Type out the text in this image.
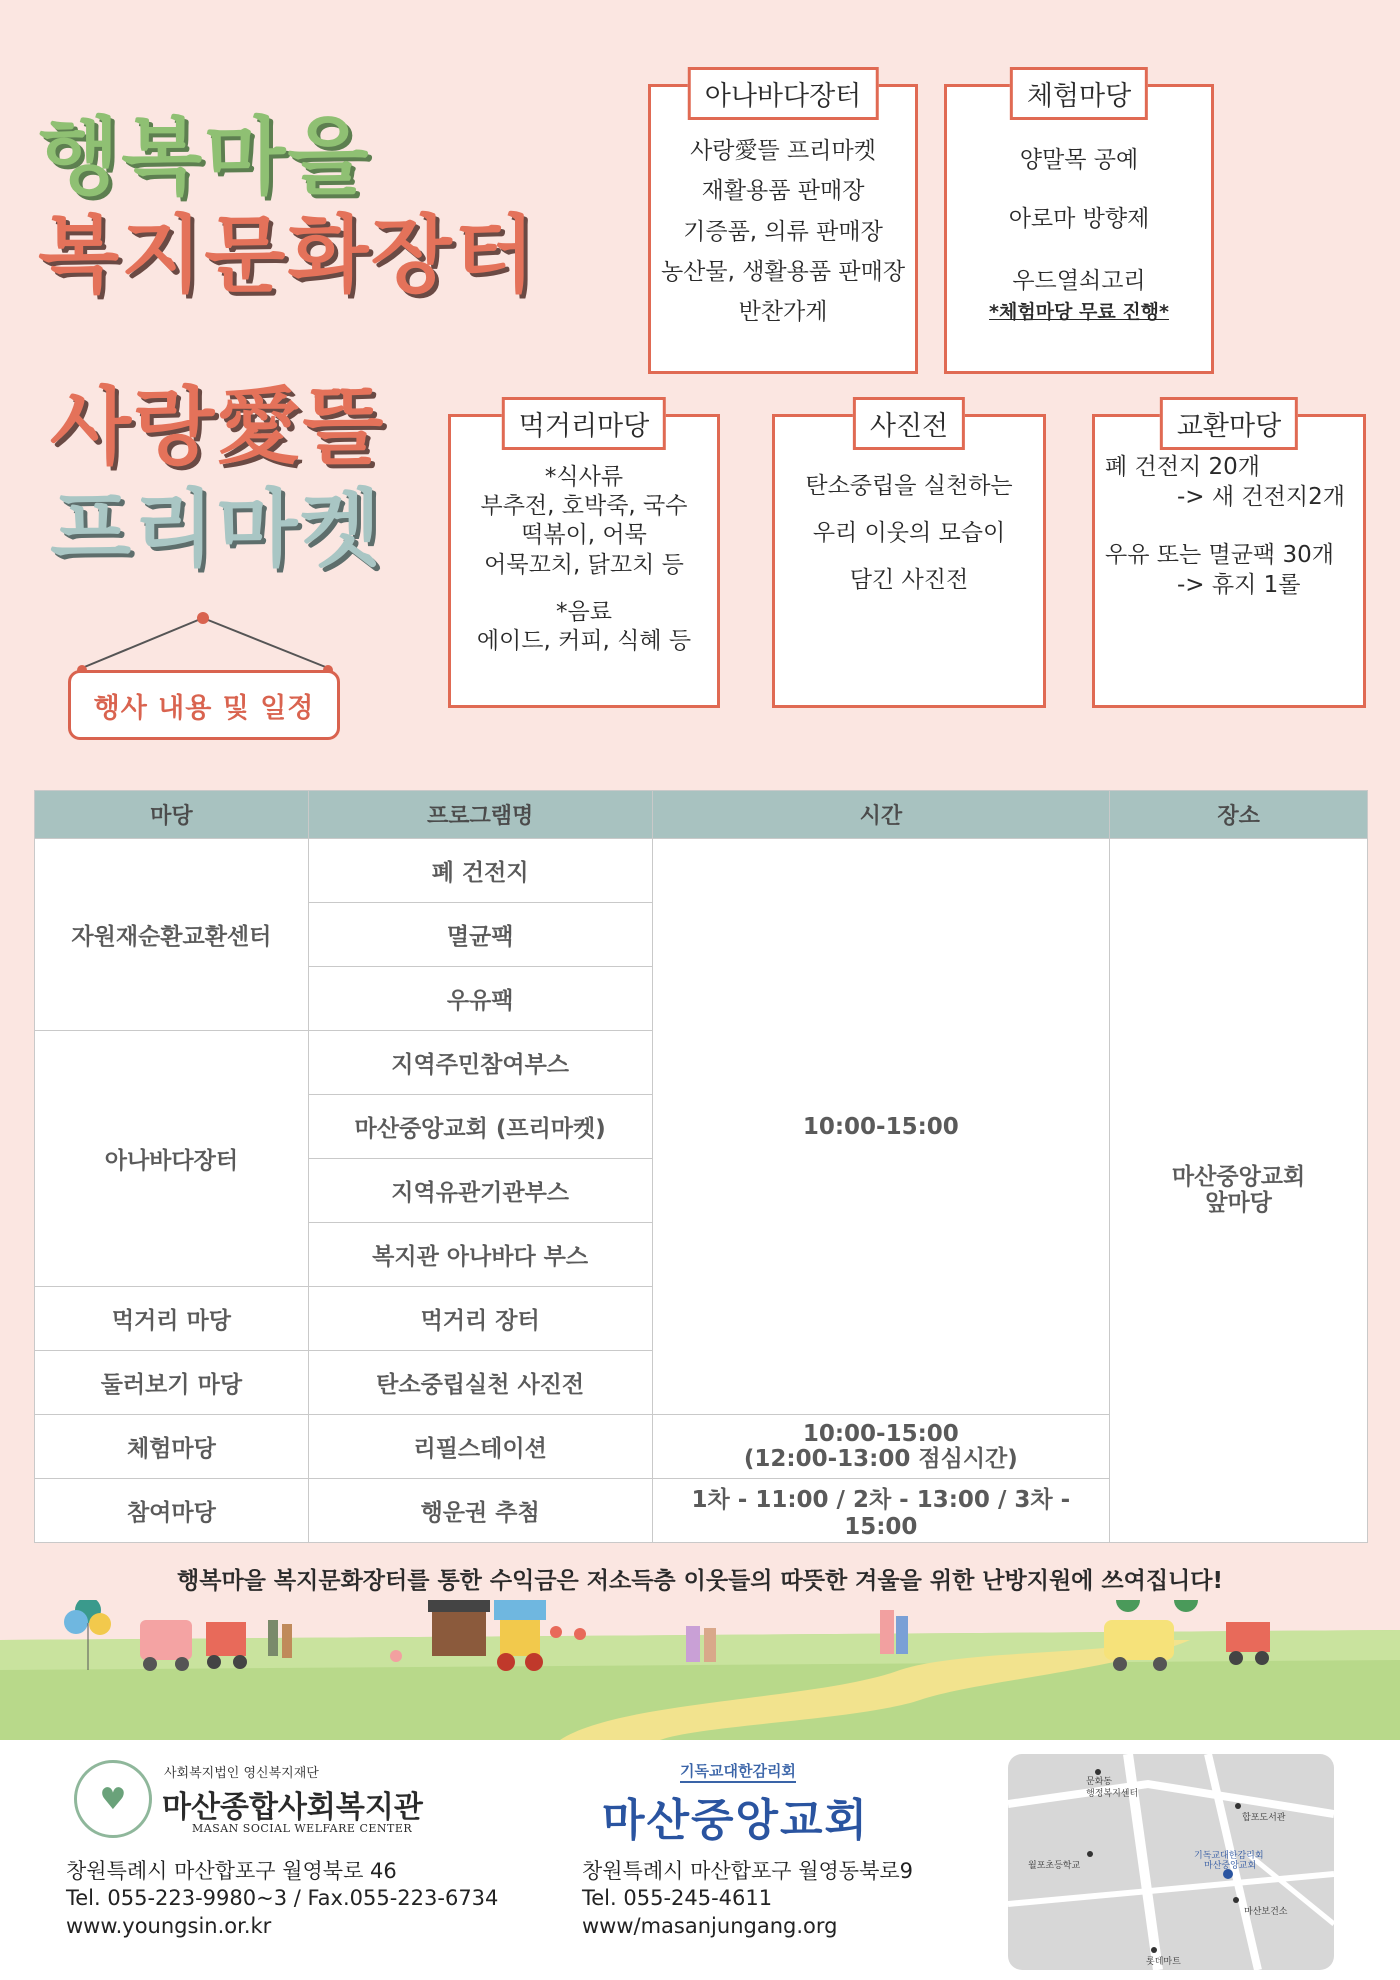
행복마을
복지문화장터
사랑愛뜰
프리마켓
행사 내용 및 일정
아나바다장터
사랑愛뜰 프리마켓
재활용품 판매장
기증품, 의류 판매장
농산물, 생활용품 판매장
반찬가게
체험마당
양말목 공예
아로마 방향제
우드열쇠고리
*체험마당 무료 진행*
먹거리마당
*식사류
부추전, 호박죽, 국수
떡볶이, 어묵
어묵꼬치, 닭꼬치 등
*음료
에이드, 커피, 식혜 등
사진전
탄소중립을 실천하는
우리 이웃의 모습이
담긴 사진전
교환마당
폐 건전지 20개
-> 새 건전지2개
우유 또는 멸균팩 30개
-> 휴지 1롤
마당	프로그램명	시간	장소
자원재순환교환센터	폐 건전지	10:00-15:00	마산중앙교회
앞마당

	멸균팩		
	우유팩		
아나바다장터	지역주민참여부스		
	마산중앙교회 (프리마켓)		
	지역유관기관부스		
	복지관 아나바다 부스		
먹거리 마당	먹거리 장터		
둘러보기 마당	탄소중립실천 사진전		
체험마당	리필스테이션	10:00-15:00
(12:00-13:00 점심시간)	

참여마당	행운권 추첨	1차 - 11:00 / 2차 - 13:00 / 3차 - 15:00	
행복마을 복지문화장터를 통한 수익금은 저소득층 이웃들의 따뜻한 겨울을 위한 난방지원에 쓰여집니다!
♥
사회복지법인 영신복지재단
마산종합사회복지관
MASAN SOCIAL WELFARE CENTER
창원특례시 마산합포구 월영북로 46
Tel. 055-223-9980~3 / Fax.055-223-6734
www.youngsin.or.kr
기독교대한감리회
마산중앙교회
창원특례시 마산합포구 월영동북로9
Tel. 055-245-4611
www/masanjungang.org
문화동
행정복지센터
합포도서관
월포초등학교
기독교대한감리회
마산중앙교회
마산보건소
롯데마트
